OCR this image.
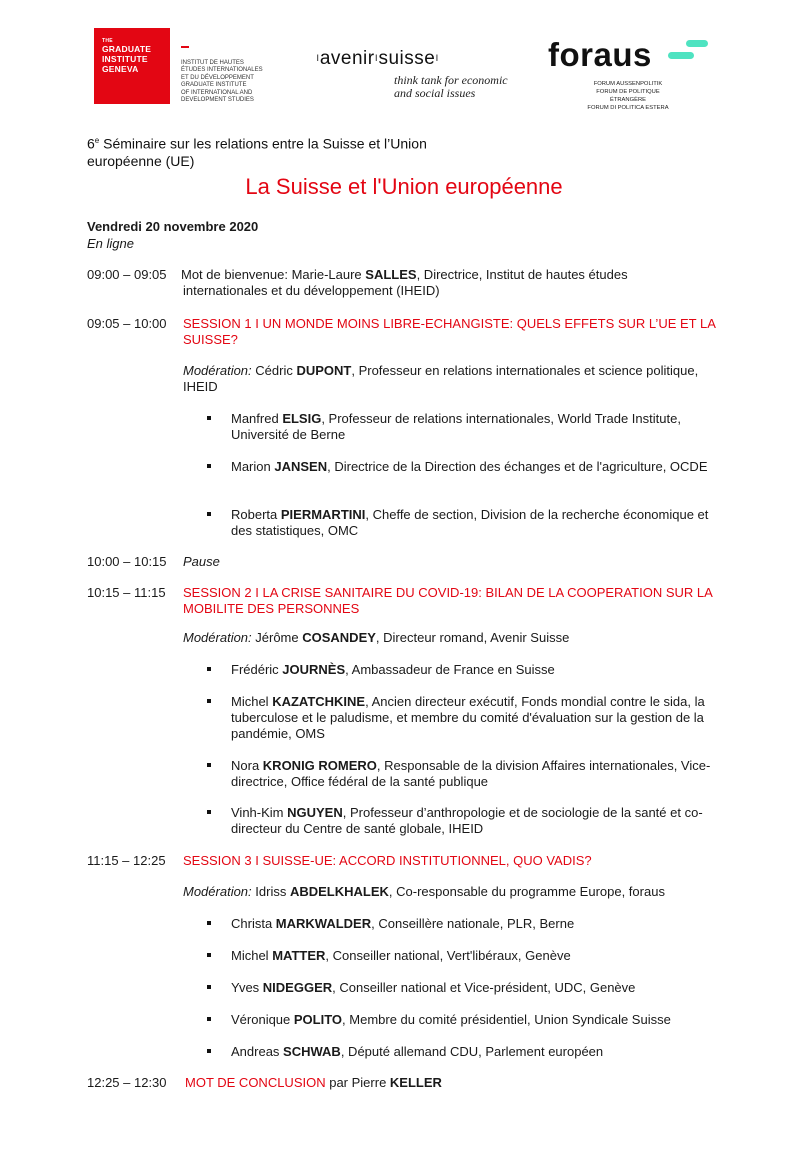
THE
GRADUATE
INSTITUTE
GENEVA
INSTITUT DE HAUTES
ÉTUDES INTERNATIONALES
ET DU DÉVELOPPEMENT
GRADUATE INSTITUTE
OF INTERNATIONAL AND
DEVELOPMENT STUDIES
ıavenirısuisseı
think tank for economic
and social issues
foraus
FORUM AUSSENPOLITIK
FORUM DE POLITIQUE ÉTRANGÈRE
FORUM DI POLITICA ESTERA
6e Séminaire sur les relations entre la Suisse et l’Union
européenne (UE)
La Suisse et l'Union européenne
Vendredi 20 novembre 2020
En ligne
09:00 – 09:05 Mot de bienvenue: Marie-Laure SALLES, Directrice, Institut de hautes études
internationales et du développement (IHEID)
09:05 – 10:00 SESSION 1 I UN MONDE MOINS LIBRE-ECHANGISTE: QUELS EFFETS SUR L’UE ET LA SUISSE?
Modération: Cédric DUPONT, Professeur en relations internationales et science politique, IHEID
Manfred ELSIG, Professeur de relations internationales, World Trade Institute, Université de Berne
Marion JANSEN, Directrice de la Direction des échanges et de l'agriculture, OCDE
Roberta PIERMARTINI, Cheffe de section, Division de la recherche économique et des statistiques, OMC
10:00 – 10:15 Pause
10:15 – 11:15 SESSION 2 I LA CRISE SANITAIRE DU COVID-19: BILAN DE LA COOPERATION SUR LA MOBILITE DES PERSONNES
Modération: Jérôme COSANDEY, Directeur romand, Avenir Suisse
Frédéric JOURNÈS, Ambassadeur de France en Suisse
Michel KAZATCHKINE, Ancien directeur exécutif, Fonds mondial contre le sida, la tuberculose et le paludisme, et membre du comité d'évaluation sur la gestion de la pandémie, OMS
Nora KRONIG ROMERO, Responsable de la division Affaires internationales, Vice-directrice, Office fédéral de la santé publique
Vinh-Kim NGUYEN, Professeur d’anthropologie et de sociologie de la santé et co-directeur du Centre de santé globale, IHEID
11:15 – 12:25 SESSION 3 I SUISSE-UE: ACCORD INSTITUTIONNEL, QUO VADIS?
Modération: Idriss ABDELKHALEK, Co-responsable du programme Europe, foraus
Christa MARKWALDER, Conseillère nationale, PLR, Berne
Michel MATTER, Conseiller national, Vert'libéraux, Genève
Yves NIDEGGER, Conseiller national et Vice-président, UDC, Genève
Véronique POLITO, Membre du comité présidentiel, Union Syndicale Suisse
Andreas SCHWAB, Député allemand CDU, Parlement européen
12:25 – 12:30 MOT DE CONCLUSION par Pierre KELLER
